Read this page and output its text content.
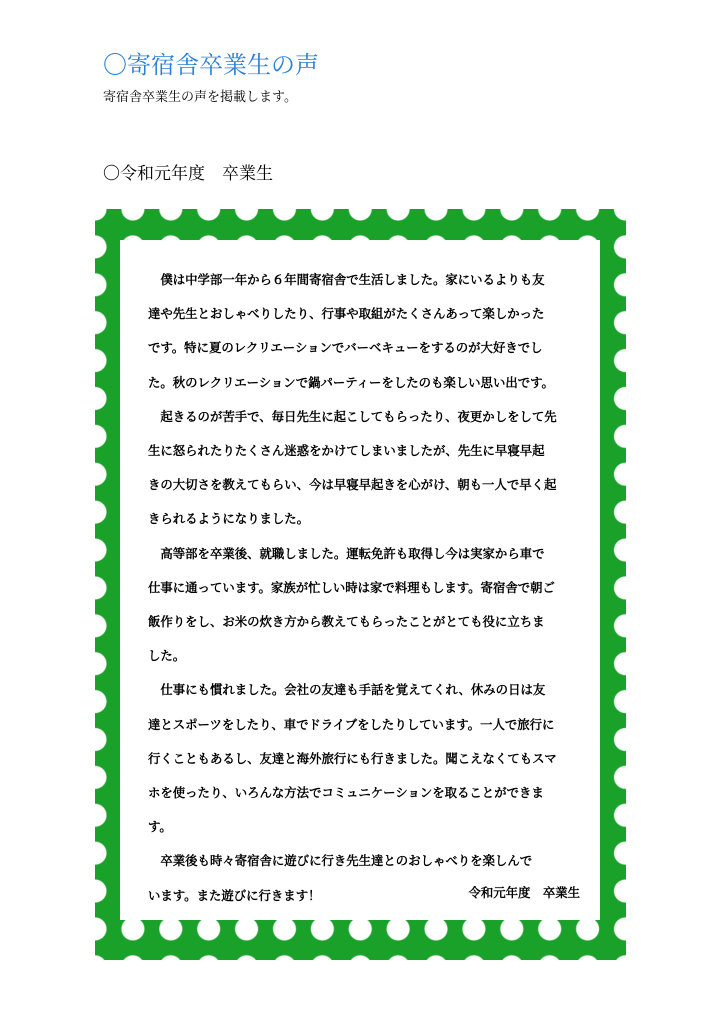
〇寄宿舎卒業生の声
寄宿舎卒業生の声を掲載します。
〇令和元年度　卒業生
僕は中学部一年から６年間寄宿舎で生活しました。家にいるよりも友
達や先生とおしゃべりしたり、行事や取組がたくさんあって楽しかった
です。特に夏のレクリエーションでバーベキューをするのが大好きでし
た。秋のレクリエーションで鍋パーティーをしたのも楽しい思い出です。
起きるのが苦手で、毎日先生に起こしてもらったり、夜更かしをして先
生に怒られたりたくさん迷惑をかけてしまいましたが、先生に早寝早起
きの大切さを教えてもらい、今は早寝早起きを心がけ、朝も一人で早く起
きられるようになりました。
高等部を卒業後、就職しました。運転免許も取得し今は実家から車で
仕事に通っています。家族が忙しい時は家で料理もします。寄宿舎で朝ご
飯作りをし、お米の炊き方から教えてもらったことがとても役に立ちま
した。
仕事にも慣れました。会社の友達も手話を覚えてくれ、休みの日は友
達とスポーツをしたり、車でドライブをしたりしています。一人で旅行に
行くこともあるし、友達と海外旅行にも行きました。聞こえなくてもスマ
ホを使ったり、いろんな方法でコミュニケーションを取ることができま
す。
卒業後も時々寄宿舎に遊びに行き先生達とのおしゃべりを楽しんで
います。また遊びに行きます！	令和元年度　卒業生
